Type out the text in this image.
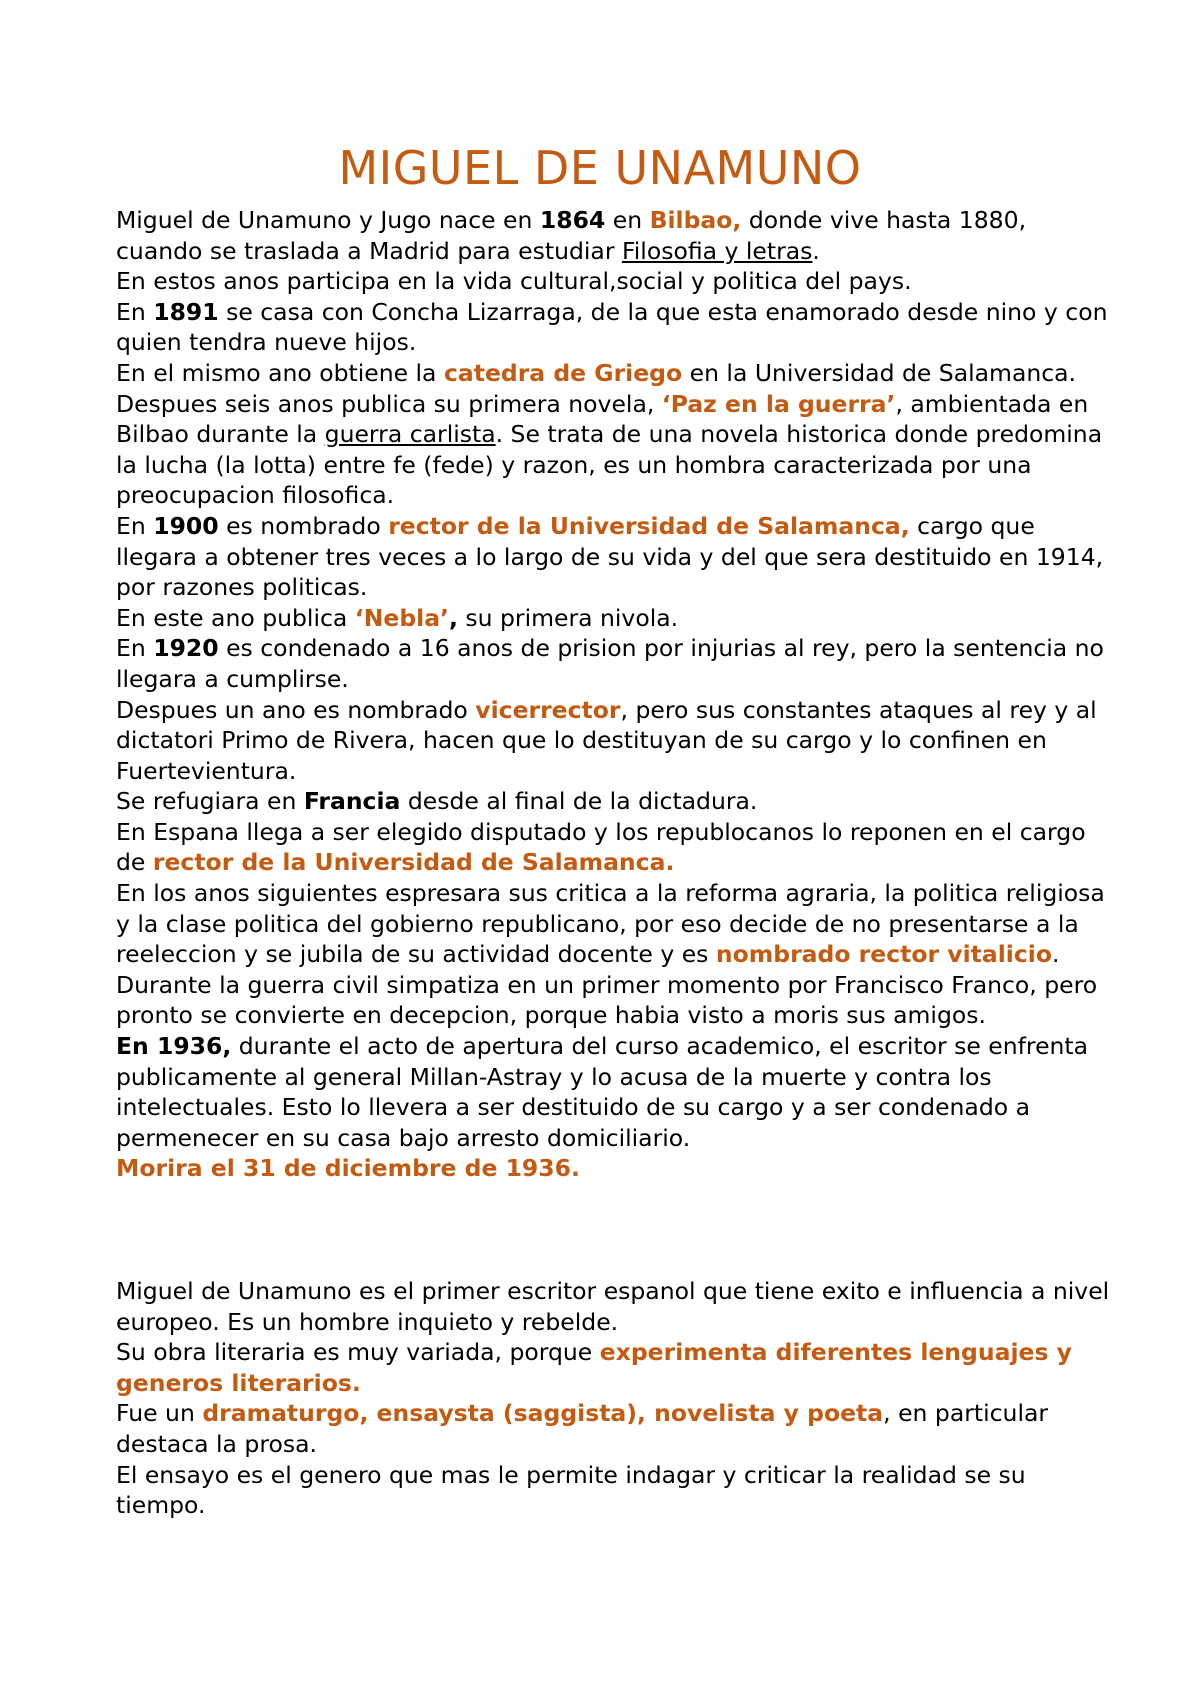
MIGUEL DE UNAMUNO

Miguel de Unamuno y Jugo nace en 1864 en Bilbao, donde vive hasta 1880, cuando se traslada a Madrid para estudiar Filosofia y letras.

En estos anos participa en la vida cultural,social y politica del pays.

En 1891 se casa con Concha Lizarraga, de la que esta enamorado desde nino y con quien tendra nueve hijos.

En el mismo ano obtiene la catedra de Griego en la Universidad de Salamanca.

Despues seis anos publica su primera novela, ‘Paz en la guerra’, ambientada en Bilbao durante la guerra carlista. Se trata de una novela historica donde predomina la lucha (la lotta) entre fe (fede) y razon, es un hombra caracterizada por una preocupacion filosofica.

En 1900 es nombrado rector de la Universidad de Salamanca, cargo que llegara a obtener tres veces a lo largo de su vida y del que sera destituido en 1914, por razones politicas.

En este ano publica ‘Nebla’, su primera nivola.

En 1920 es condenado a 16 anos de prision por injurias al rey, pero la sentencia no llegara a cumplirse.

Despues un ano es nombrado vicerrector, pero sus constantes ataques al rey y al dictatori Primo de Rivera, hacen que lo destituyan de su cargo y lo confinen en Fuertevientura.

Se refugiara en Francia desde al final de la dictadura.

En Espana llega a ser elegido disputado y los republocanos lo reponen en el cargo de rector de la Universidad de Salamanca.

En los anos siguientes espresara sus critica a la reforma agraria, la politica religiosa y la clase politica del gobierno republicano, por eso decide de no presentarse a la reeleccion y se jubila de su actividad docente y es nombrado rector vitalicio.

Durante la guerra civil simpatiza en un primer momento por Francisco Franco, pero pronto se convierte en decepcion, porque habia visto a moris sus amigos.

En 1936, durante el acto de apertura del curso academico, el escritor se enfrenta publicamente al general Millan-Astray y lo acusa de la muerte y contra los intelectuales. Esto lo llevera a ser destituido de su cargo y a ser condenado a permenecer en su casa bajo arresto domiciliario.

Morira el 31 de diciembre de 1936.

Miguel de Unamuno es el primer escritor espanol que tiene exito e influencia a nivel europeo. Es un hombre inquieto y rebelde.

Su obra literaria es muy variada, porque experimenta diferentes lenguajes y generos literarios.

Fue un dramaturgo, ensaysta (saggista), novelista y poeta, en particular destaca la prosa.

El ensayo es el genero que mas le permite indagar y criticar la realidad se su tiempo.
